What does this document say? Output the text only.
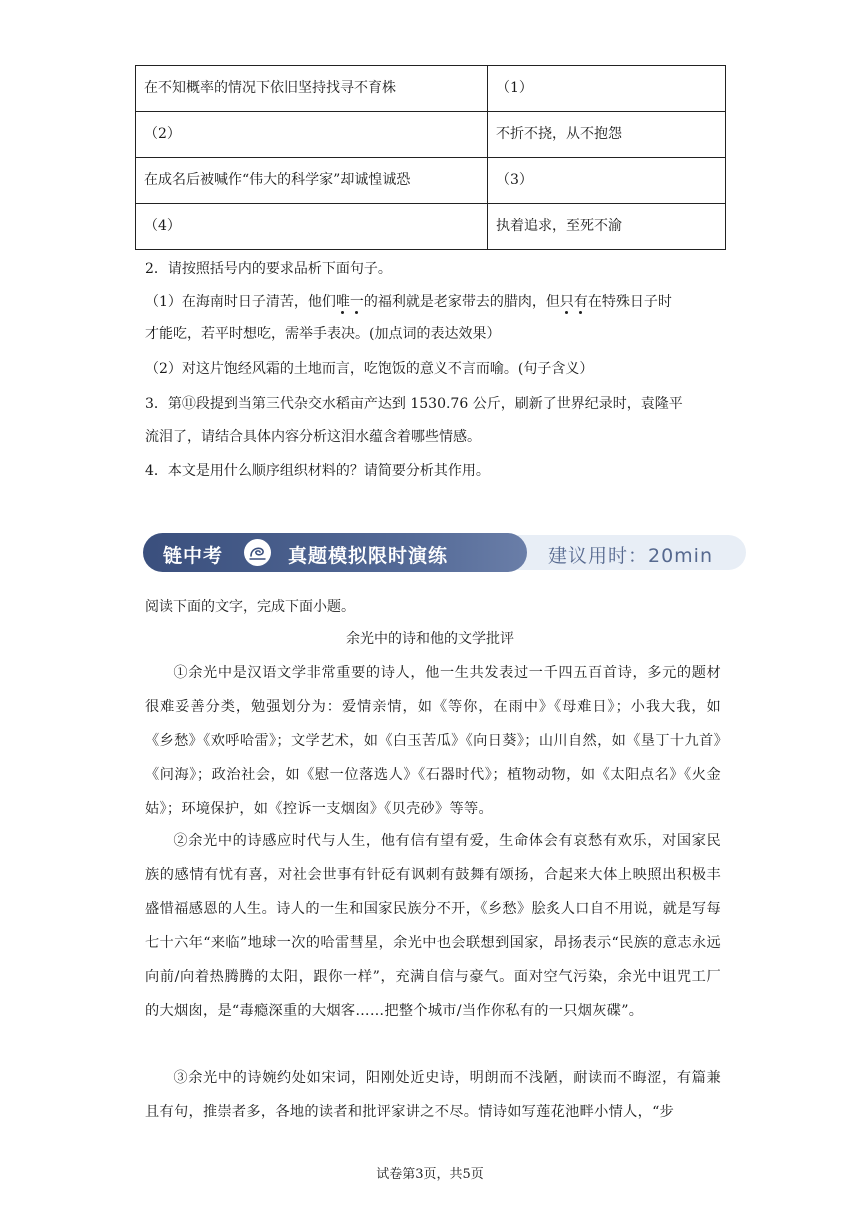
在不知概率的情况下依旧坚持找寻不育株	（1）
（2）	不折不挠，从不抱怨
在成名后被喊作“伟大的科学家”却诚惶诚恐	（3）
（4）	执着追求，至死不渝
2．请按照括号内的要求品析下面句子。
（1）在海南时日子清苦，他们唯一的福利就是老家带去的腊肉，但只有在特殊日子时
才能吃，若平时想吃，需举手表决。(加点词的表达效果）
（2）对这片饱经风霜的土地而言，吃饱饭的意义不言而喻。(句子含义）
3．第⑪段提到当第三代杂交水稻亩产达到 1530.76 公斤，刷新了世界纪录时，袁隆平
流泪了，请结合具体内容分析这泪水蕴含着哪些情感。
4．本文是用什么顺序组织材料的？请简要分析其作用。
链中考	真题模拟限时演练	建议用时：20min
阅读下面的文字，完成下面小题。
余光中的诗和他的文学批评
①余光中是汉语文学非常重要的诗人，他一生共发表过一千四五百首诗，多元的题材很难妥善分类，勉强划分为：爱情亲情，如《等你，在雨中》《母难日》；小我大我，如《乡愁》《欢呼哈雷》；文学艺术，如《白玉苦瓜》《向日葵》；山川自然，如《垦丁十九首》《问海》；政治社会，如《慰一位落选人》《石器时代》；植物动物，如《太阳点名》《火金姑》；环境保护，如《控诉一支烟囱》《贝壳砂》等等。
②余光中的诗感应时代与人生，他有信有望有爱，生命体会有哀愁有欢乐，对国家民族的感情有忧有喜，对社会世事有针砭有讽刺有鼓舞有颂扬，合起来大体上映照出积极丰盛惜福感恩的人生。诗人的一生和国家民族分不开，《乡愁》脍炙人口自不用说，就是写每七十六年“来临”地球一次的哈雷彗星，余光中也会联想到国家，昂扬表示“民族的意志永远向前/向着热腾腾的太阳，跟你一样”，充满自信与豪气。面对空气污染，余光中诅咒工厂的大烟囱，是“毒瘾深重的大烟客……把整个城市/当作你私有的一只烟灰碟”。
③余光中的诗婉约处如宋词，阳刚处近史诗，明朗而不浅陋，耐读而不晦涩，有篇兼且有句，推崇者多，各地的读者和批评家讲之不尽。情诗如写莲花池畔小情人，“步
试卷第3页，共5页
